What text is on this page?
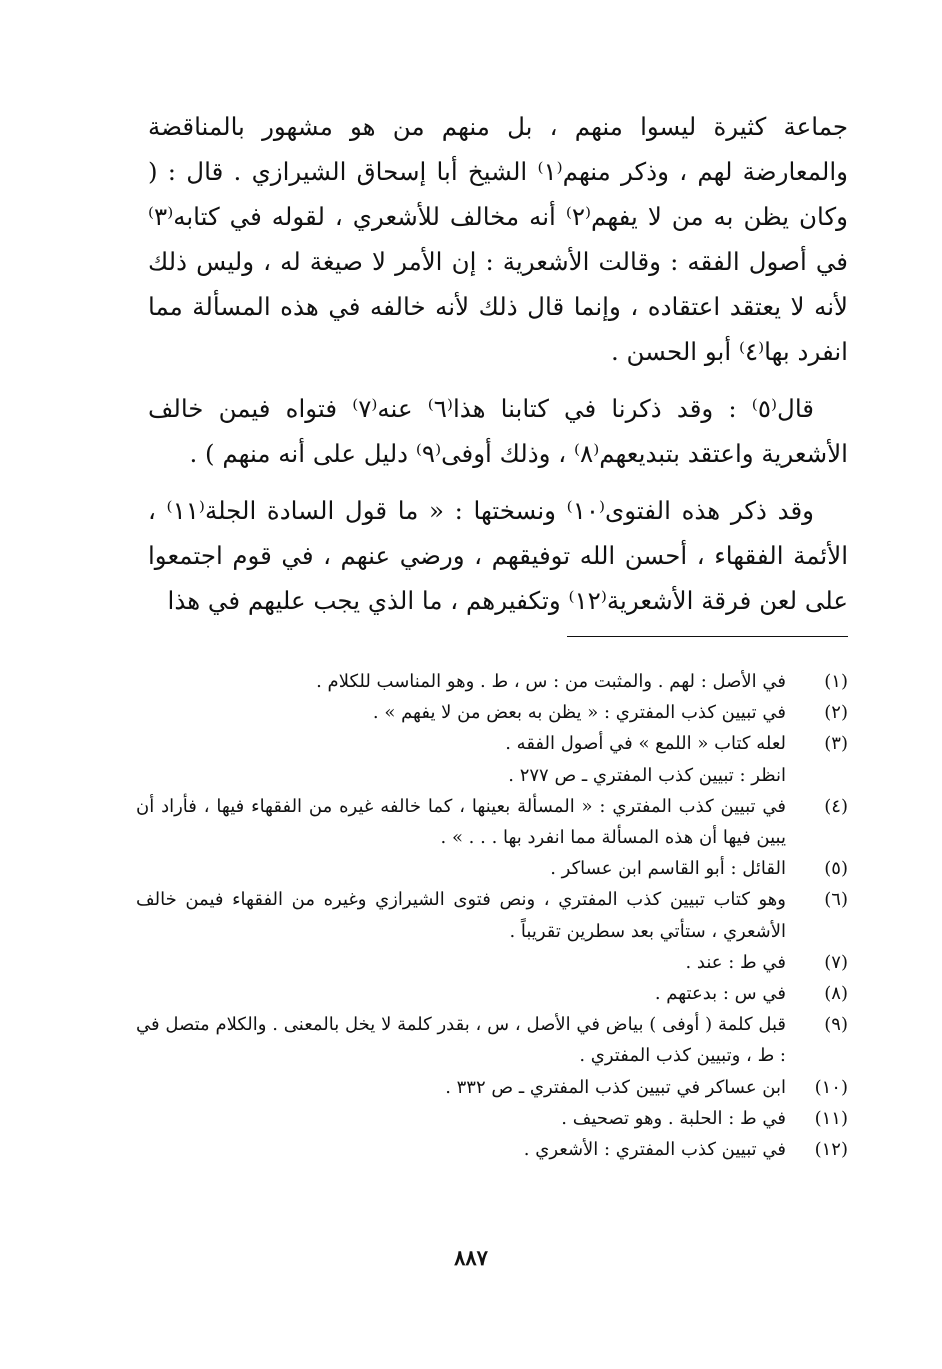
جماعة كثيرة ليسوا منهم ، بل منهم من هو مشهور بالمناقضة والمعارضة لهم ، وذكر منهم⁽١⁾ الشيخ أبا إسحاق الشيرازي . قال : ( وكان يظن به من لا يفهم⁽٢⁾ أنه مخالف للأشعري ، لقوله في كتابه⁽٣⁾ في أصول الفقه : وقالت الأشعرية : إن الأمر لا صيغة له ، وليس ذلك لأنه لا يعتقد اعتقاده ، وإنما قال ذلك لأنه خالفه في هذه المسألة مما انفرد بها⁽٤⁾ أبو الحسن .

قال⁽٥⁾ : وقد ذكرنا في كتابنا هذا⁽٦⁾ عنه⁽٧⁾ فتواه فيمن خالف الأشعرية واعتقد بتبديعهم⁽٨⁾ ، وذلك أوفى⁽٩⁾ دليل على أنه منهم ) .

وقد ذكر هذه الفتوى⁽١٠⁾ ونسختها : « ما قول السادة الجلة⁽١١⁾ ، الأئمة الفقهاء ، أحسن الله توفيقهم ، ورضي عنهم ، في قوم اجتمعوا على لعن فرقة الأشعرية⁽١٢⁾ وتكفيرهم ، ما الذي يجب عليهم في هذا

(١)
في الأصل : لهم . والمثبت من : س ، ط . وهو المناسب للكلام .
(٢)
في تبيين كذب المفتري : « يظن به بعض من لا يفهم » .
(٣)
لعله كتاب « اللمع » في أصول الفقه .
انظر : تبيين كذب المفتري ـ ص ٢٧٧ .
(٤)
في تبيين كذب المفتري : « المسألة بعينها ، كما خالفه غيره من الفقهاء فيها ، فأراد أن يبين فيها أن هذه المسألة مما انفرد بها . . . » .
(٥)
القائل : أبو القاسم ابن عساكر .
(٦)
وهو كتاب تبيين كذب المفتري ، ونص فتوى الشيرازي وغيره من الفقهاء فيمن خالف الأشعري ، ستأتي بعد سطرين تقريباً .
(٧)
في ط : عند .
(٨)
في س : بدعتهم .
(٩)
قبل كلمة ( أوفى ) بياض في الأصل ، س ، بقدر كلمة لا يخل بالمعنى . والكلام متصل في : ط ، وتبيين كذب المفتري .
(١٠)
ابن عساكر في تبيين كذب المفتري ـ ص ٣٣٢ .
(١١)
في ط : الحلبة . وهو تصحيف .
(١٢)
في تبيين كذب المفتري : الأشعري .
٨٨٧
